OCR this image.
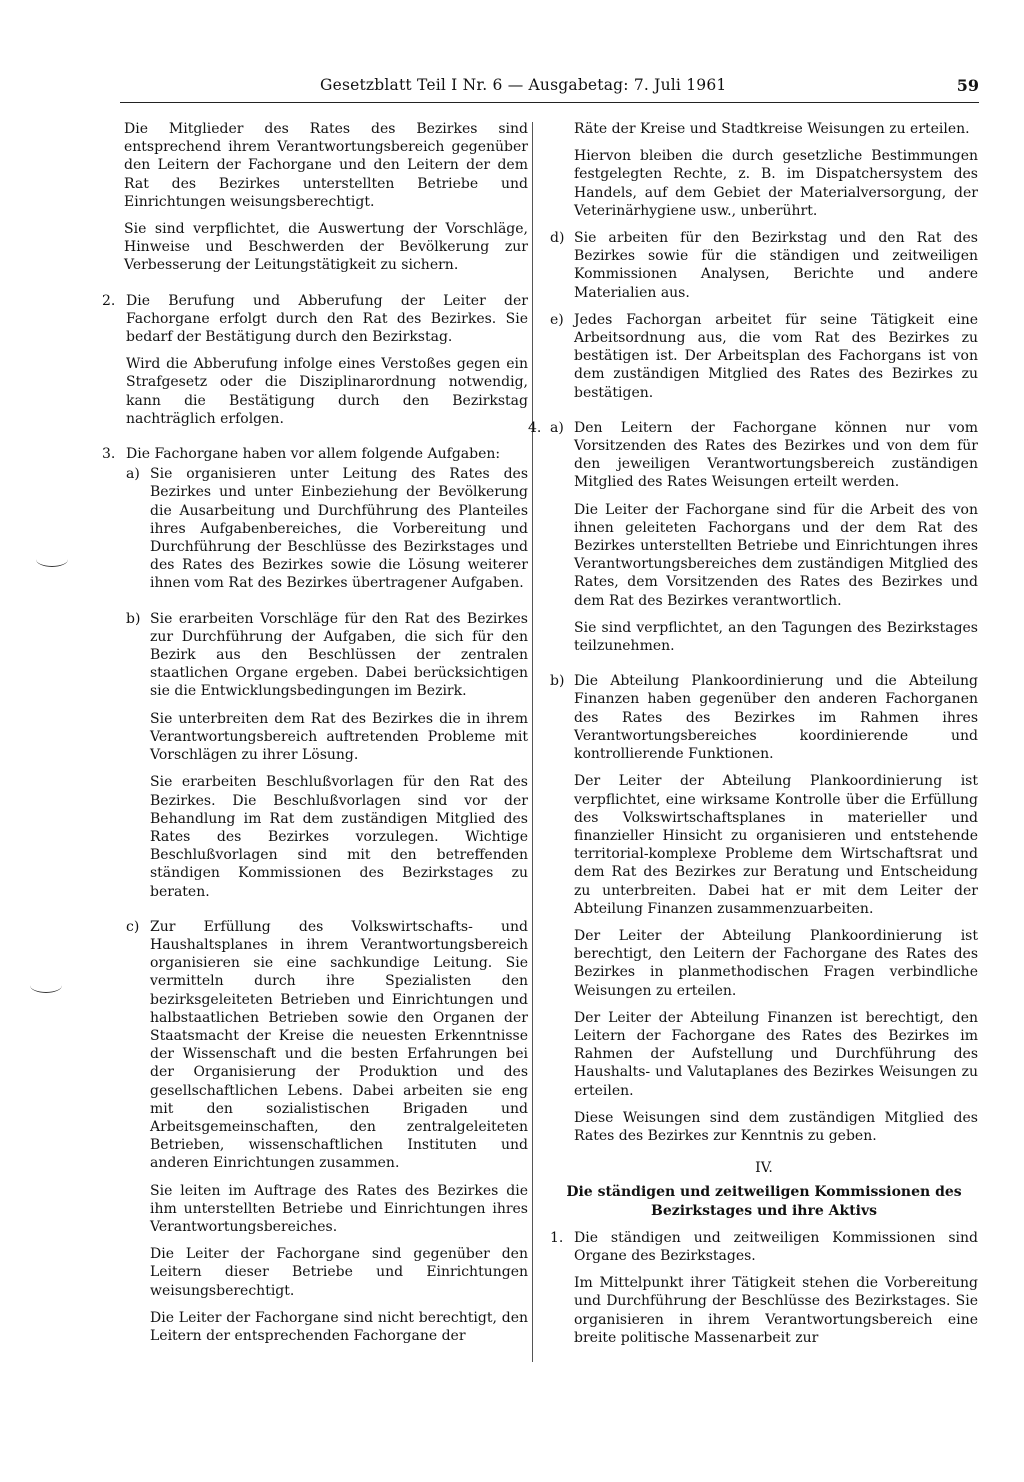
Gesetzblatt Teil I Nr. 6 — Ausgabetag: 7. Juli 1961	59

Die Mitglieder des Rates des Bezirkes sind entsprechend ihrem Verantwortungsbereich gegenüber den Leitern der Fachorgane und den Leitern der dem Rat des Bezirkes unterstellten Betriebe und Einrichtungen weisungsberechtigt.

Sie sind verpflichtet, die Auswertung der Vorschläge, Hinweise und Beschwerden der Bevölkerung zur Verbesserung der Leitungstätigkeit zu sichern.

2. Die Berufung und Abberufung der Leiter der Fachorgane erfolgt durch den Rat des Bezirkes. Sie bedarf der Bestätigung durch den Bezirkstag.

Wird die Abberufung infolge eines Verstoßes gegen ein Strafgesetz oder die Disziplinarordnung notwendig, kann die Bestätigung durch den Bezirkstag nachträglich erfolgen.

3. Die Fachorgane haben vor allem folgende Aufgaben:

a) Sie organisieren unter Leitung des Rates des Bezirkes und unter Einbeziehung der Bevölkerung die Ausarbeitung und Durchführung des Planteiles ihres Aufgabenbereiches, die Vorbereitung und Durchführung der Beschlüsse des Bezirkstages und des Rates des Bezirkes sowie die Lösung weiterer ihnen vom Rat des Bezirkes übertragener Aufgaben.

b) Sie erarbeiten Vorschläge für den Rat des Bezirkes zur Durchführung der Aufgaben, die sich für den Bezirk aus den Beschlüssen der zentralen staatlichen Organe ergeben. Dabei berücksichtigen sie die Entwicklungsbedingungen im Bezirk.

Sie unterbreiten dem Rat des Bezirkes die in ihrem Verantwortungsbereich auftretenden Probleme mit Vorschlägen zu ihrer Lösung.

Sie erarbeiten Beschlußvorlagen für den Rat des Bezirkes. Die Beschlußvorlagen sind vor der Behandlung im Rat dem zuständigen Mitglied des Rates des Bezirkes vorzulegen. Wichtige Beschlußvorlagen sind mit den betreffenden ständigen Kommissionen des Bezirkstages zu beraten.

c) Zur Erfüllung des Volkswirtschafts- und Haushaltsplanes in ihrem Verantwortungsbereich organisieren sie eine sachkundige Leitung. Sie vermitteln durch ihre Spezialisten den bezirksgeleiteten Betrieben und Einrichtungen und halbstaatlichen Betrieben sowie den Organen der Staatsmacht der Kreise die neuesten Erkenntnisse der Wissenschaft und die besten Erfahrungen bei der Organisierung der Produktion und des gesellschaftlichen Lebens. Dabei arbeiten sie eng mit den sozialistischen Brigaden und Arbeitsgemeinschaften, den zentralgeleiteten Betrieben, wissenschaftlichen Instituten und anderen Einrichtungen zusammen.

Sie leiten im Auftrage des Rates des Bezirkes die ihm unterstellten Betriebe und Einrichtungen ihres Verantwortungsbereiches.

Die Leiter der Fachorgane sind gegenüber den Leitern dieser Betriebe und Einrichtungen weisungsberechtigt.

Die Leiter der Fachorgane sind nicht berechtigt, den Leitern der entsprechenden Fachorgane der

Räte der Kreise und Stadtkreise Weisungen zu erteilen.

Hiervon bleiben die durch gesetzliche Bestimmungen festgelegten Rechte, z. B. im Dispatchersystem des Handels, auf dem Gebiet der Materialversorgung, der Veterinärhygiene usw., unberührt.

d) Sie arbeiten für den Bezirkstag und den Rat des Bezirkes sowie für die ständigen und zeitweiligen Kommissionen Analysen, Berichte und andere Materialien aus.

e) Jedes Fachorgan arbeitet für seine Tätigkeit eine Arbeitsordnung aus, die vom Rat des Bezirkes zu bestätigen ist. Der Arbeitsplan des Fachorgans ist von dem zuständigen Mitglied des Rates des Bezirkes zu bestätigen.

4. a) Den Leitern der Fachorgane können nur vom Vorsitzenden des Rates des Bezirkes und von dem für den jeweiligen Verantwortungsbereich zuständigen Mitglied des Rates Weisungen erteilt werden.

Die Leiter der Fachorgane sind für die Arbeit des von ihnen geleiteten Fachorgans und der dem Rat des Bezirkes unterstellten Betriebe und Einrichtungen ihres Verantwortungsbereiches dem zuständigen Mitglied des Rates, dem Vorsitzenden des Rates des Bezirkes und dem Rat des Bezirkes verantwortlich.

Sie sind verpflichtet, an den Tagungen des Bezirkstages teilzunehmen.

b) Die Abteilung Plankoordinierung und die Abteilung Finanzen haben gegenüber den anderen Fachorganen des Rates des Bezirkes im Rahmen ihres Verantwortungsbereiches koordinierende und kontrollierende Funktionen.

Der Leiter der Abteilung Plankoordinierung ist verpflichtet, eine wirksame Kontrolle über die Erfüllung des Volkswirtschaftsplanes in materieller und finanzieller Hinsicht zu organisieren und entstehende territorial-komplexe Probleme dem Wirtschaftsrat und dem Rat des Bezirkes zur Beratung und Entscheidung zu unterbreiten. Dabei hat er mit dem Leiter der Abteilung Finanzen zusammenzuarbeiten.

Der Leiter der Abteilung Plankoordinierung ist berechtigt, den Leitern der Fachorgane des Rates des Bezirkes in planmethodischen Fragen verbindliche Weisungen zu erteilen.

Der Leiter der Abteilung Finanzen ist berechtigt, den Leitern der Fachorgane des Rates des Bezirkes im Rahmen der Aufstellung und Durchführung des Haushalts- und Valutaplanes des Bezirkes Weisungen zu erteilen.

Diese Weisungen sind dem zuständigen Mitglied des Rates des Bezirkes zur Kenntnis zu geben.

IV.

Die ständigen und zeitweiligen Kommissionen des Bezirkstages und ihre Aktivs

1. Die ständigen und zeitweiligen Kommissionen sind Organe des Bezirkstages.

Im Mittelpunkt ihrer Tätigkeit stehen die Vorbereitung und Durchführung der Beschlüsse des Bezirkstages. Sie organisieren in ihrem Verantwortungsbereich eine breite politische Massenarbeit zur
